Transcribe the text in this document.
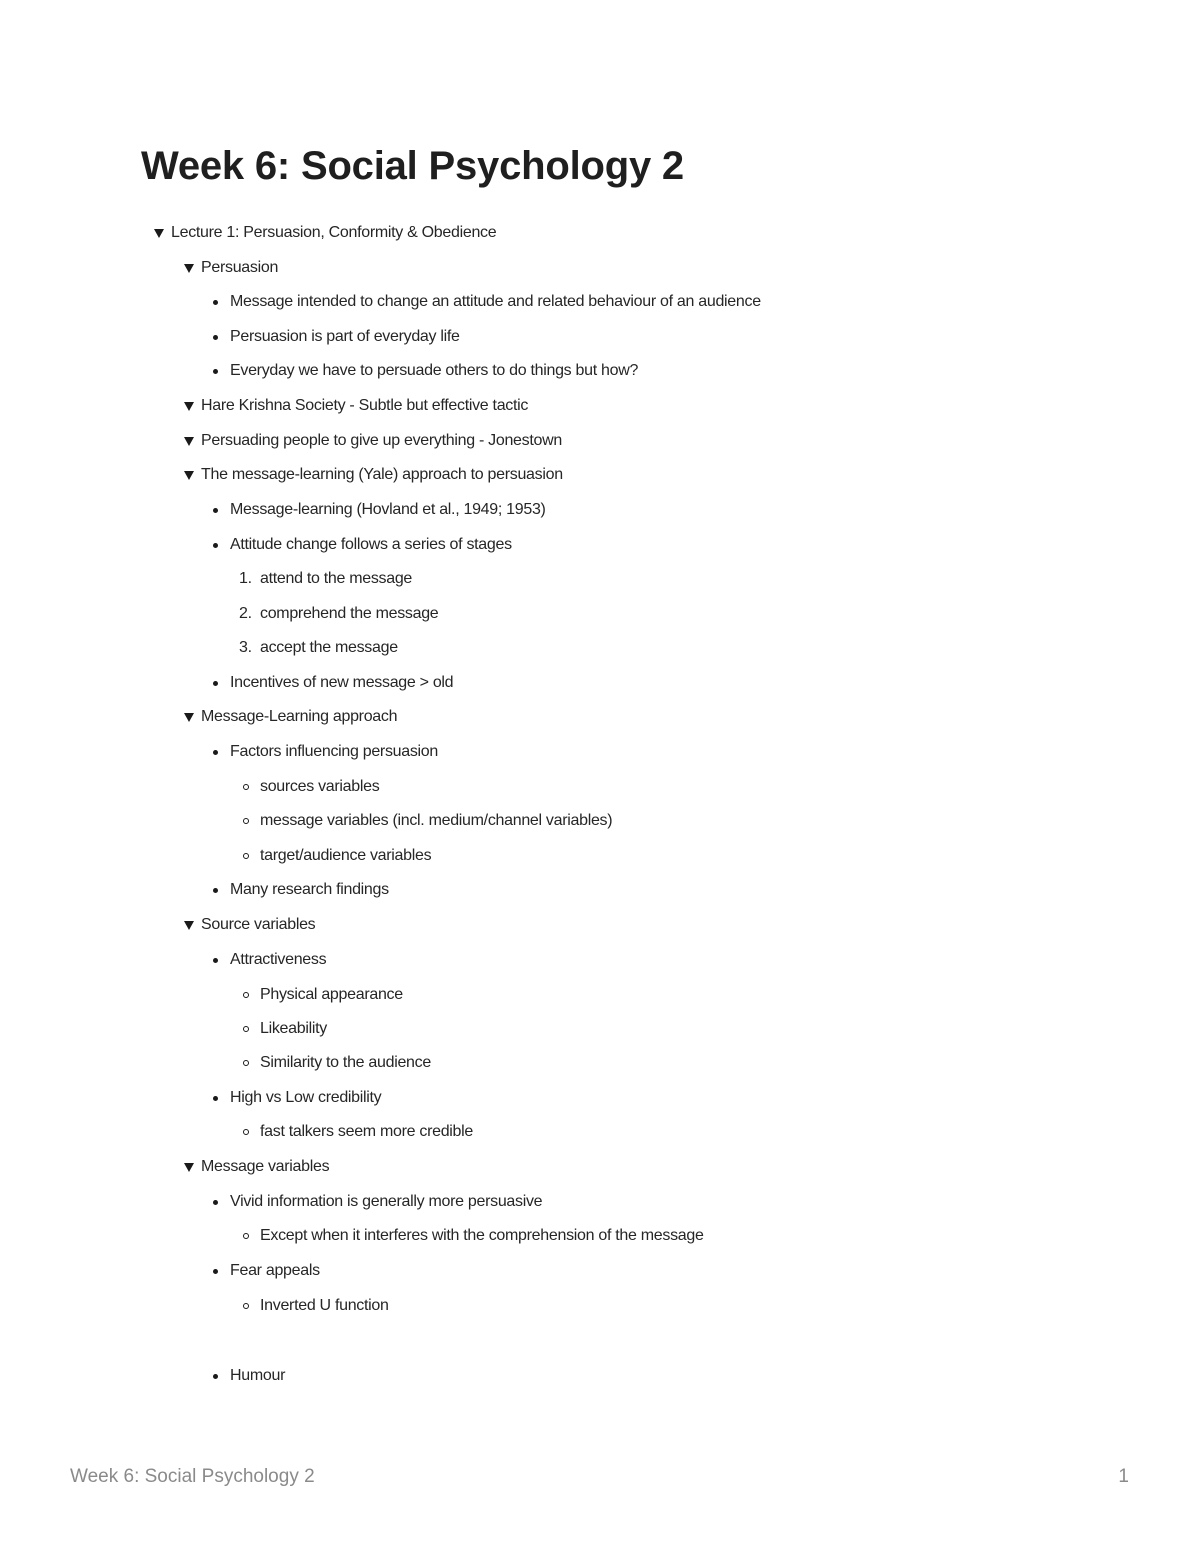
Week 6: Social Psychology 2
Lecture 1: Persuasion, Conformity & Obedience
Persuasion
Message intended to change an attitude and related behaviour of an audience
Persuasion is part of everyday life
Everyday we have to persuade others to do things but how?
Hare Krishna Society - Subtle but effective tactic
Persuading people to give up everything - Jonestown
The message-learning (Yale) approach to persuasion
Message-learning (Hovland et al., 1949; 1953)
Attitude change follows a series of stages
1. attend to the message
2. comprehend the message
3. accept the message
Incentives of new message > old
Message-Learning approach
Factors influencing persuasion
sources variables
message variables (incl. medium/channel variables)
target/audience variables
Many research findings
Source variables
Attractiveness
Physical appearance
Likeability
Similarity to the audience
High vs Low credibility
fast talkers seem more credible
Message variables
Vivid information is generally more persuasive
Except when it interferes with the comprehension of the message
Fear appeals
Inverted U function
Humour

Week 6: Social Psychology 2	1
